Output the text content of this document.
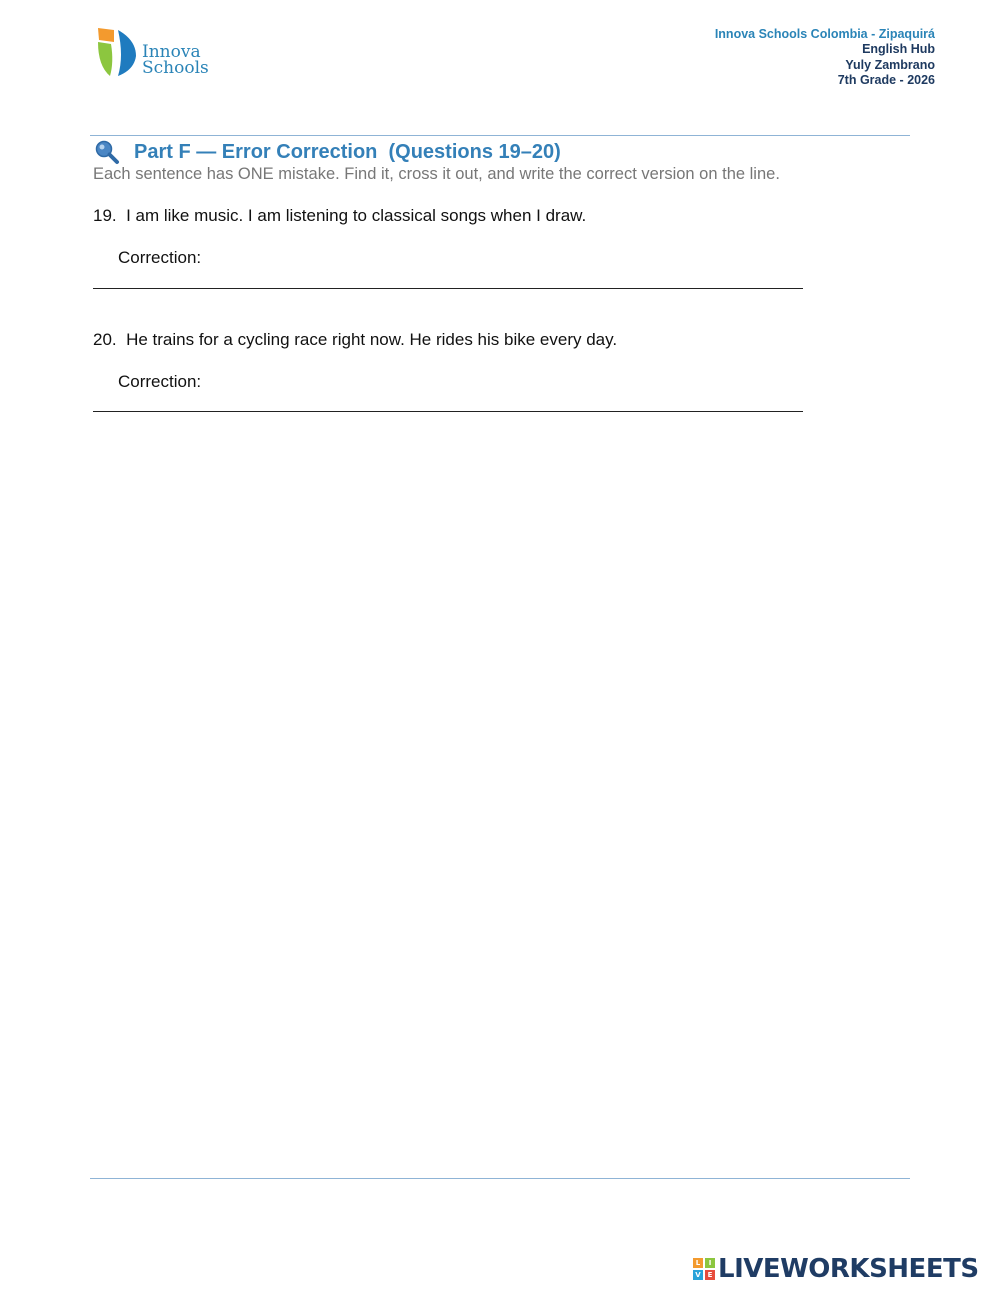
Innova
Schools
Innova Schools Colombia - Zipaquirá
English Hub
Yuly Zambrano
7th Grade - 2026
Part F — Error Correction  (Questions 19–20)
Each sentence has ONE mistake. Find it, cross it out, and write the correct version on the line.
19.  I am like music. I am listening to classical songs when I draw.
Correction:
20.  He trains for a cycling race right now. He rides his bike every day.
Correction:
L	I
V E LIVEWORKSHEETS
